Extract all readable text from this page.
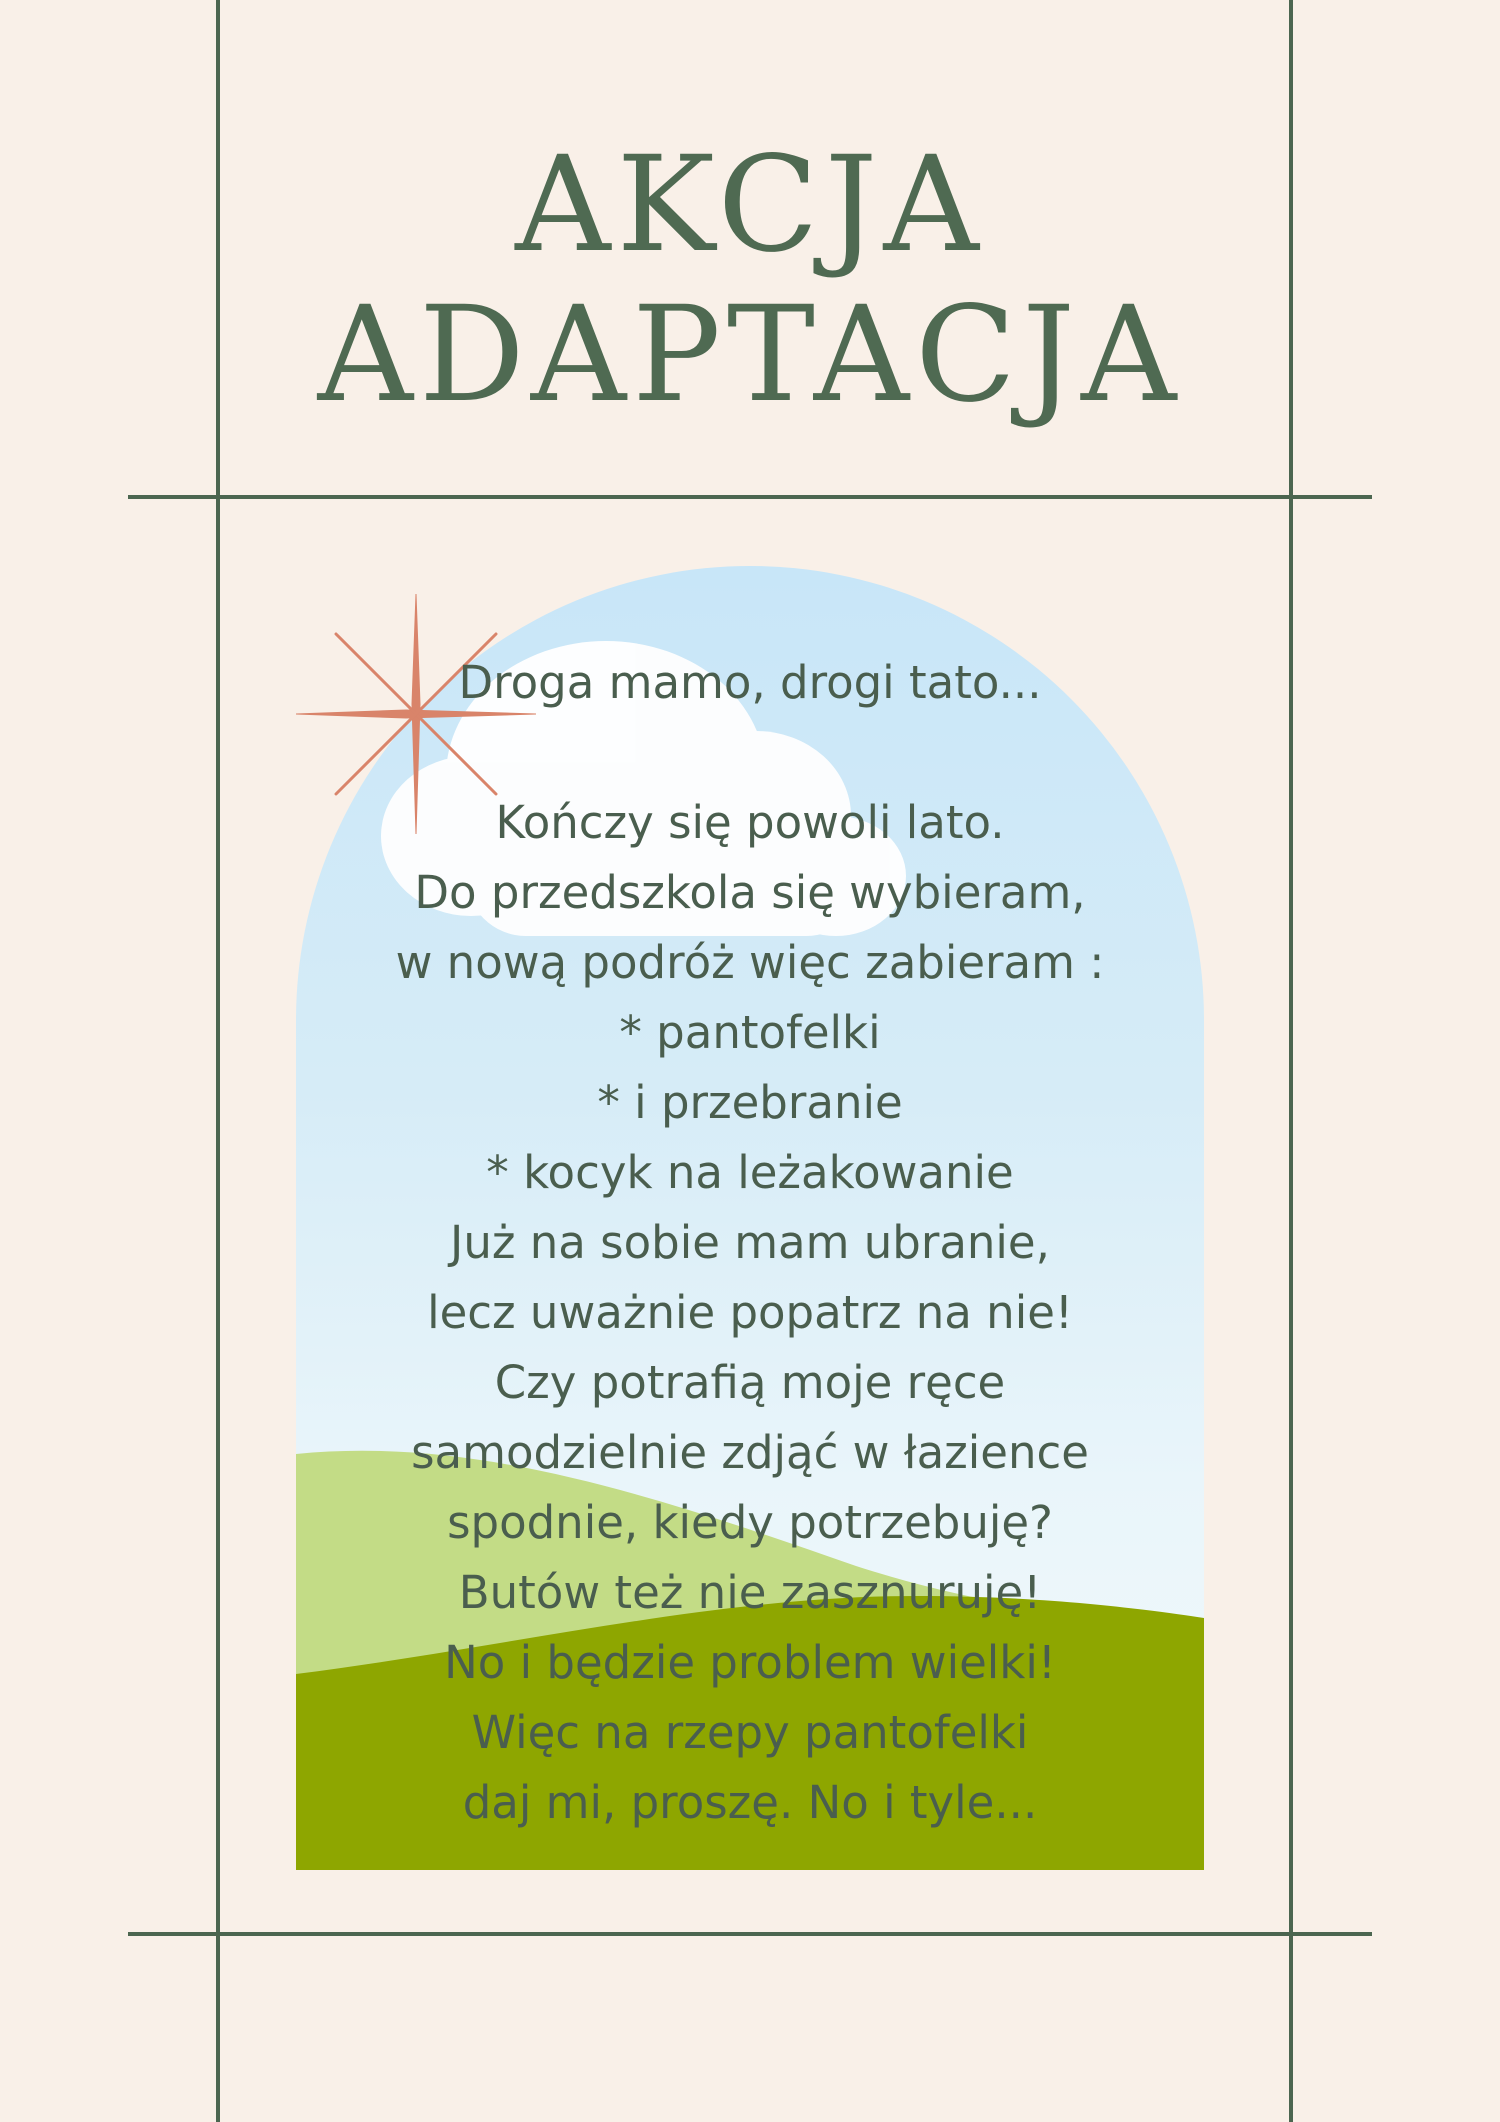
AKCJA
ADAPTACJA
Droga mamo, drogi tato...
Kończy się powoli lato.
Do przedszkola się wybieram,
w nową podróż więc zabieram :
* pantofelki
* i przebranie
* kocyk na leżakowanie
Już na sobie mam ubranie,
lecz uważnie popatrz na nie!
Czy potrafią moje ręce
samodzielnie zdjąć w łazience
spodnie, kiedy potrzebuję?
Butów też nie zasznuruję!
No i będzie problem wielki!
Więc na rzepy pantofelki
daj mi, proszę. No i tyle...
